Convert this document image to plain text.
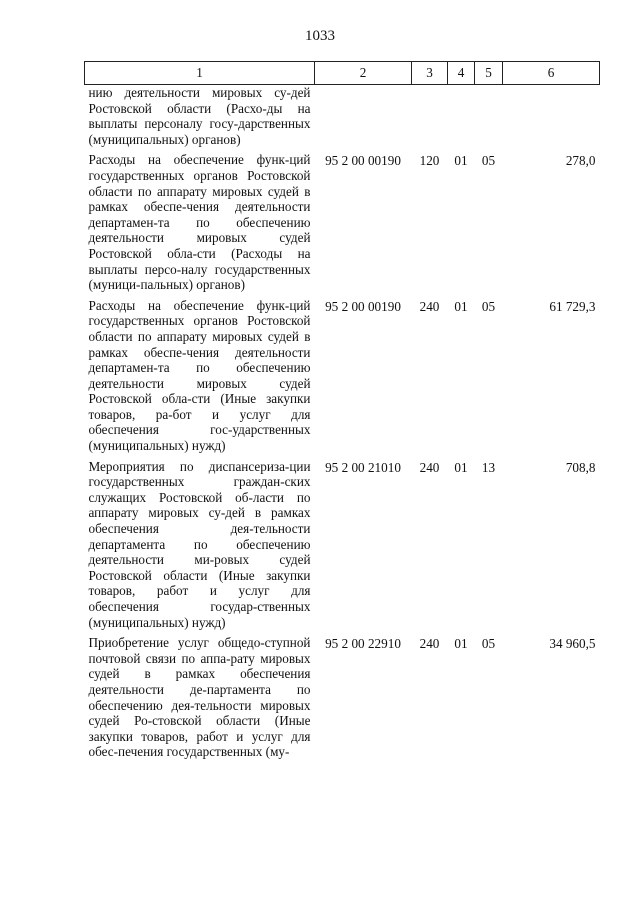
1033
1	2	3	4	5	6
нию деятельности мировых су-дей Ростовской области (Расхо-ды на выплаты персоналу госу-дарственных (муниципальных) органов)					
Расходы на обеспечение функ-ций государственных органов Ростовской области по аппарату мировых судей в рамках обеспе-чения деятельности департамен-та по обеспечению деятельности мировых судей Ростовской обла-сти (Расходы на выплаты персо-налу государственных (муници-пальных) органов)	95 2 00 00190	120	01	05	278,0
Расходы на обеспечение функ-ций государственных органов Ростовской области по аппарату мировых судей в рамках обеспе-чения деятельности департамен-та по обеспечению деятельности мировых судей Ростовской обла-сти (Иные закупки товаров, ра-бот и услуг для обеспечения гос-ударственных (муниципальных) нужд)	95 2 00 00190	240	01	05	61 729,3
Мероприятия по диспансеризa-ции государственных граждан-ских служащих Ростовской об-ласти по аппарату мировых су-дей в рамках обеспечения дея-тельности департамента по обеспечению деятельности ми-ровых судей Ростовской области (Иные закупки товаров, работ и услуг для обеспечения государ-ственных (муниципальных) нужд)	95 2 00 21010	240	01	13	708,8
Приобретение услуг общедо-ступной почтовой связи по аппа-рату мировых судей в рамках обеспечения деятельности де-партамента по обеспечению дея-тельности мировых судей Ро-стовской области (Иные закупки товаров, работ и услуг для обес-печения государственных (му-	95 2 00 22910	240	01	05	34 960,5
